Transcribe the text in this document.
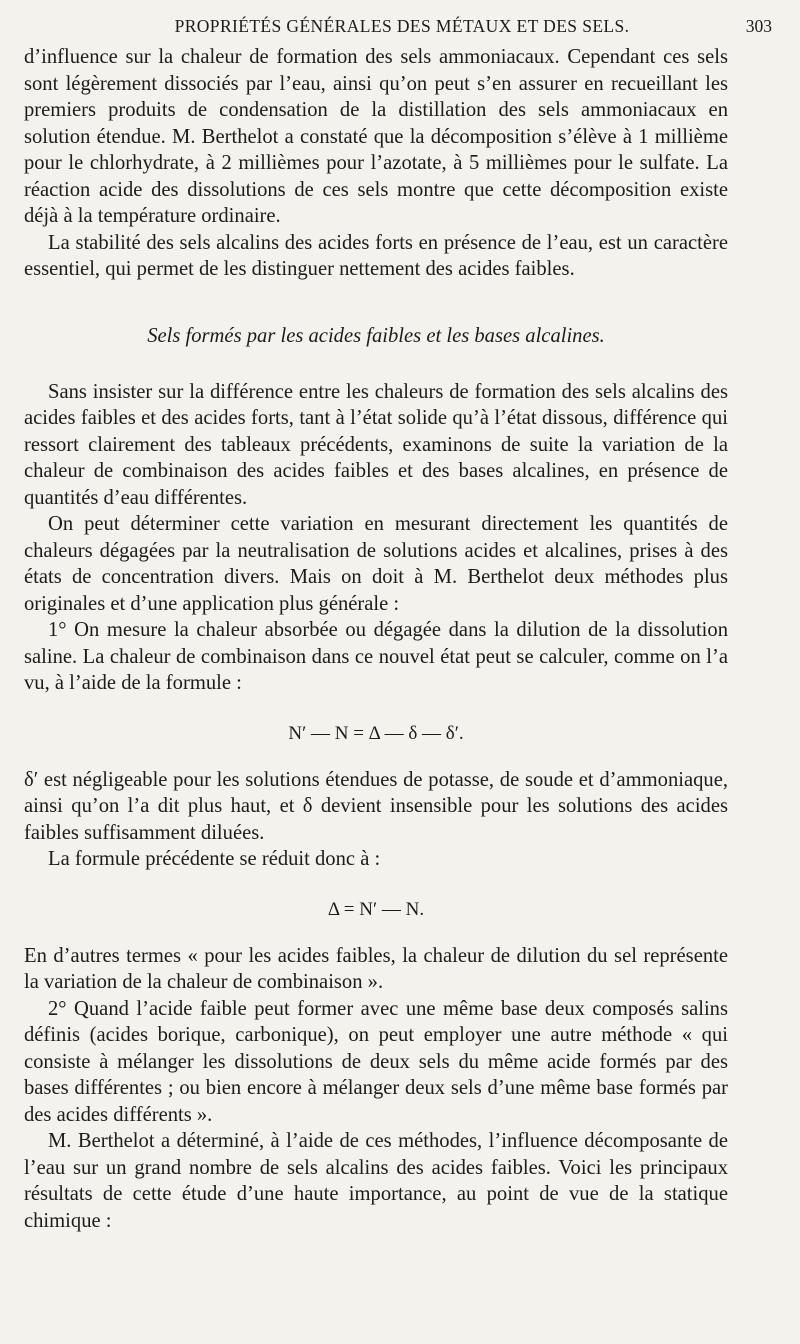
PROPRIÉTÉS GÉNÉRALES DES MÉTAUX ET DES SELS.	303

d’influence sur la chaleur de formation des sels ammoniacaux. Cependant ces sels sont légèrement dissociés par l’eau, ainsi qu’on peut s’en assurer en recueillant les premiers produits de condensation de la distillation des sels ammoniacaux en solution étendue. M. Berthelot a constaté que la décomposition s’élève à 1 millième pour le chlorhydrate, à 2 millièmes pour l’azotate, à 5 millièmes pour le sulfate. La réaction acide des dissolutions de ces sels montre que cette décomposition existe déjà à la température ordinaire.

La stabilité des sels alcalins des acides forts en présence de l’eau, est un caractère essentiel, qui permet de les distinguer nettement des acides faibles.

Sels formés par les acides faibles et les bases alcalines.

Sans insister sur la différence entre les chaleurs de formation des sels alcalins des acides faibles et des acides forts, tant à l’état solide qu’à l’état dissous, différence qui ressort clairement des tableaux précédents, examinons de suite la variation de la chaleur de combinaison des acides faibles et des bases alcalines, en présence de quantités d’eau différentes.

On peut déterminer cette variation en mesurant directement les quantités de chaleurs dégagées par la neutralisation de solutions acides et alcalines, prises à des états de concentration divers. Mais on doit à M. Berthelot deux méthodes plus originales et d’une application plus générale :

1° On mesure la chaleur absorbée ou dégagée dans la dilution de la dissolution saline. La chaleur de combinaison dans ce nouvel état peut se calculer, comme on l’a vu, à l’aide de la formule :

N′ — N = Δ — δ — δ′.

δ′ est négligeable pour les solutions étendues de potasse, de soude et d’ammoniaque, ainsi qu’on l’a dit plus haut, et δ devient insensible pour les solutions des acides faibles suffisamment diluées.

La formule précédente se réduit donc à :

Δ = N′ — N.

En d’autres termes « pour les acides faibles, la chaleur de dilution du sel représente la variation de la chaleur de combinaison ».

2° Quand l’acide faible peut former avec une même base deux composés salins définis (acides borique, carbonique), on peut employer une autre méthode « qui consiste à mélanger les dissolutions de deux sels du même acide formés par des bases différentes ; ou bien encore à mélanger deux sels d’une même base formés par des acides différents ».

M. Berthelot a déterminé, à l’aide de ces méthodes, l’influence décomposante de l’eau sur un grand nombre de sels alcalins des acides faibles. Voici les principaux résultats de cette étude d’une haute importance, au point de vue de la statique chimique :
